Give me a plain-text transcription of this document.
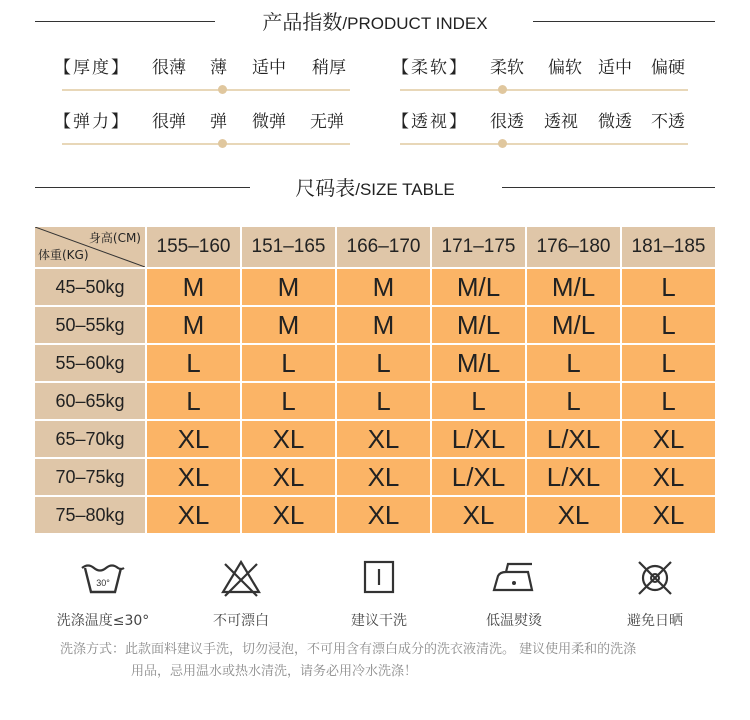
产品指数/PRODUCT INDEX
【厚度】 很薄 薄 适中 稍厚	【柔软】 柔软 偏软 适中 偏硬
【弹力】 很弹 弹 微弹 无弹	【透视】 很透 透视 微透 不透
尺码表/SIZE TABLE
身高(CM)
体重(KG)	155–160	151–165	166–170	171–175	176–180	181–185
45–50kg	M	M	M	M/L	M/L	L
50–55kg	M	M	M	M/L	M/L	L
55–60kg	L	L	L	M/L	L	L
60–65kg	L	L	L	L	L	L
65–70kg	XL	XL	XL	L/XL	L/XL	XL
70–75kg	XL	XL	XL	L/XL	L/XL	XL
75–80kg	XL	XL	XL	XL	XL	XL
30°
洗涤温度≤30°	不可漂白	建议干洗	低温熨烫	避免日晒
洗涤方式：此款面料建议手洗，切勿浸泡，不可用含有漂白成分的洗衣液清洗。 建议使用柔和的洗涤
用品，忌用温水或热水清洗，请务必用冷水洗涤！
